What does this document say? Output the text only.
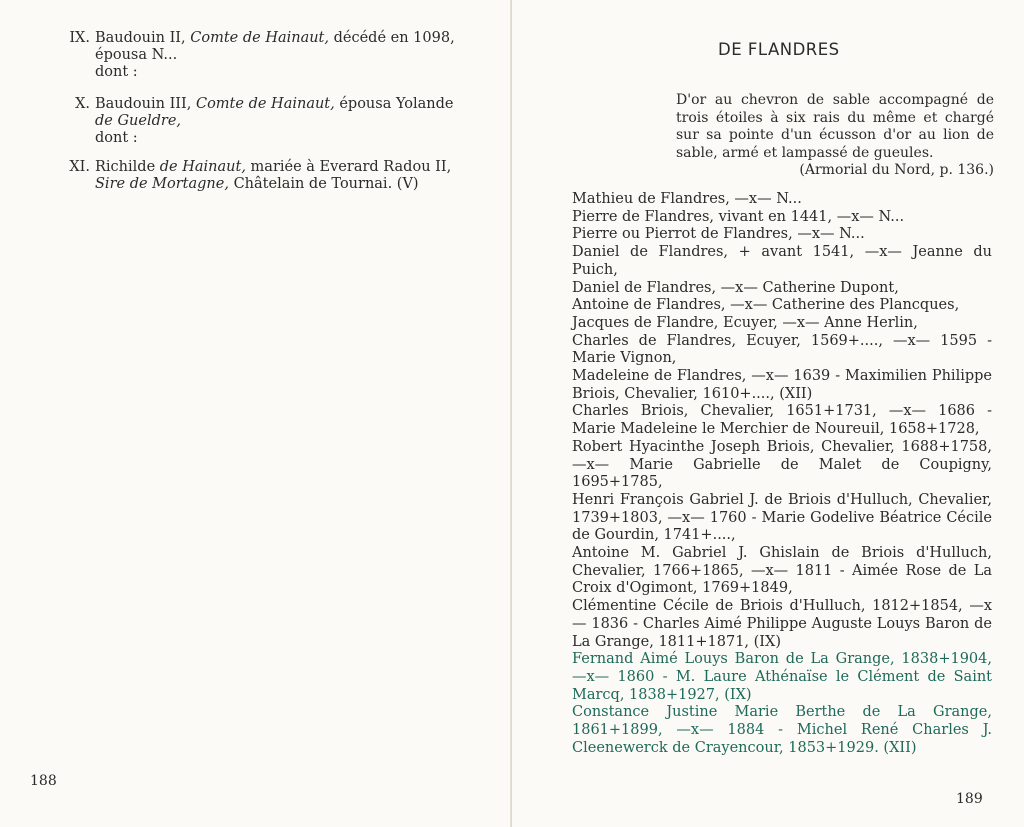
IX. Baudouin II, Comte de Hainaut, décédé en 1098,
épousa N...
dont :
X. Baudouin III, Comte de Hainaut, épousa Yolande
de Gueldre,
dont :
XI. Richilde de Hainaut, mariée à Everard Radou II,
Sire de Mortagne, Châtelain de Tournai. (V)
188
DE FLANDRES
D'or au chevron de sable accompagné de trois étoiles à six rais du même et chargé sur sa pointe d'un écusson d'or au lion de sable, armé et lampassé de gueules.
(Armorial du Nord, p. 136.)
Mathieu de Flandres, —x— N...
Pierre de Flandres, vivant en 1441, —x— N...
Pierre ou Pierrot de Flandres, —x— N...
Daniel de Flandres, + avant 1541, —x— Jeanne du Puich,
Daniel de Flandres, —x— Catherine Dupont,
Antoine de Flandres, —x— Catherine des Plancques,
Jacques de Flandre, Ecuyer, —x— Anne Herlin,
Charles de Flandres, Ecuyer, 1569+...., —x— 1595 - Marie Vignon,
Madeleine de Flandres, —x— 1639 - Maximilien Philippe Briois, Chevalier, 1610+...., (XII)
Charles Briois, Chevalier, 1651+1731, —x— 1686 - Marie Madeleine le Merchier de Noureuil, 1658+1728,
Robert Hyacinthe Joseph Briois, Chevalier, 1688+1758, —x— Marie Gabrielle de Malet de Coupigny, 1695+1785,
Henri François Gabriel J. de Briois d'Hulluch, Chevalier, 1739+1803, —x— 1760 - Marie Godelive Béatrice Cécile de Gourdin, 1741+....,
Antoine M. Gabriel J. Ghislain de Briois d'Hulluch, Chevalier, 1766+1865, —x— 1811 - Aimée Rose de La Croix d'Ogimont, 1769+1849,
Clémentine Cécile de Briois d'Hulluch, 1812+1854, —x— 1836 - Charles Aimé Philippe Auguste Louys Baron de La Grange, 1811+1871, (IX)
Fernand Aimé Louys Baron de La Grange, 1838+1904, —x— 1860 - M. Laure Athénaïse le Clément de Saint Marcq, 1838+1927, (IX)
Constance Justine Marie Berthe de La Grange, 1861+1899, —x— 1884 - Michel René Charles J. Cleenewerck de Crayencour, 1853+1929. (XII)
189
